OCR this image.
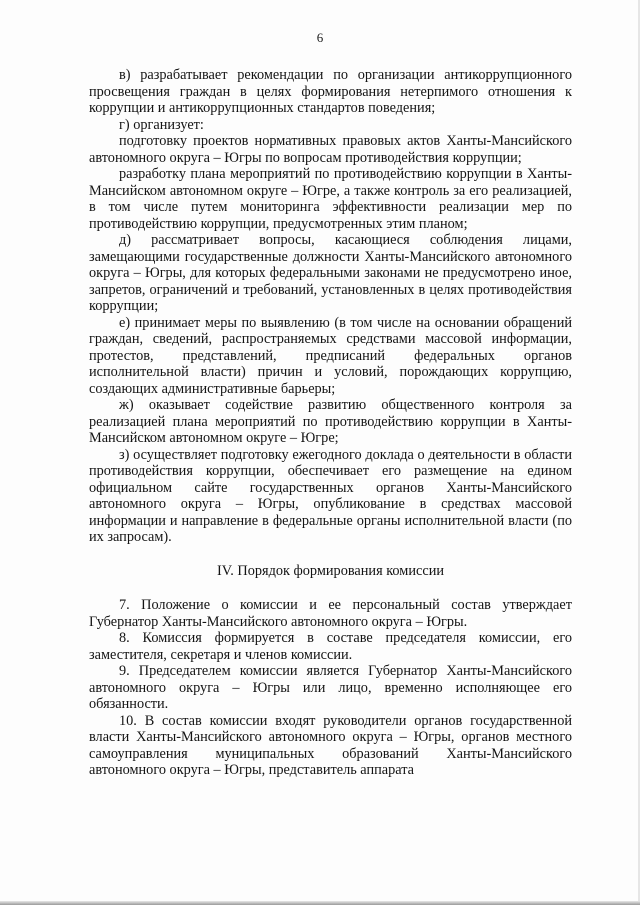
6

в) разрабатывает рекомендации по организации антикоррупционного просвещения граждан в целях формирования нетерпимого отношения к коррупции и антикоррупционных стандартов поведения;

г) организует:

подготовку проектов нормативных правовых актов Ханты-Мансийского автономного округа – Югры по вопросам противодействия коррупции;

разработку плана мероприятий по противодействию коррупции в Ханты-Мансийском автономном округе – Югре, а также контроль за его реализацией, в том числе путем мониторинга эффективности реализации мер по противодействию коррупции, предусмотренных этим планом;

д) рассматривает вопросы, касающиеся соблюдения лицами, замещающими государственные должности Ханты-Мансийского автономного округа – Югры, для которых федеральными законами не предусмотрено иное, запретов, ограничений и требований, установленных в целях противодействия коррупции;

е) принимает меры по выявлению (в том числе на основании обращений граждан, сведений, распространяемых средствами массовой информации, протестов, представлений, предписаний федеральных органов исполнительной власти) причин и условий, порождающих коррупцию, создающих административные барьеры;

ж) оказывает содействие развитию общественного контроля за реализацией плана мероприятий по противодействию коррупции в Ханты-Мансийском автономном округе – Югре;

з) осуществляет подготовку ежегодного доклада о деятельности в области противодействия коррупции, обеспечивает его размещение на едином официальном сайте государственных органов Ханты-Мансийского автономного округа – Югры, опубликование в средствах массовой информации и направление в федеральные органы исполнительной власти (по их запросам).

IV. Порядок формирования комиссии

7. Положение о комиссии и ее персональный состав утверждает Губернатор Ханты-Мансийского автономного округа – Югры.

8. Комиссия формируется в составе председателя комиссии, его заместителя, секретаря и членов комиссии.

9. Председателем комиссии является Губернатор Ханты-Мансийского автономного округа – Югры или лицо, временно исполняющее его обязанности.

10. В состав комиссии входят руководители органов государственной власти Ханты-Мансийского автономного округа – Югры, органов местного самоуправления муниципальных образований Ханты-Мансийского автономного округа – Югры, представитель аппарата
